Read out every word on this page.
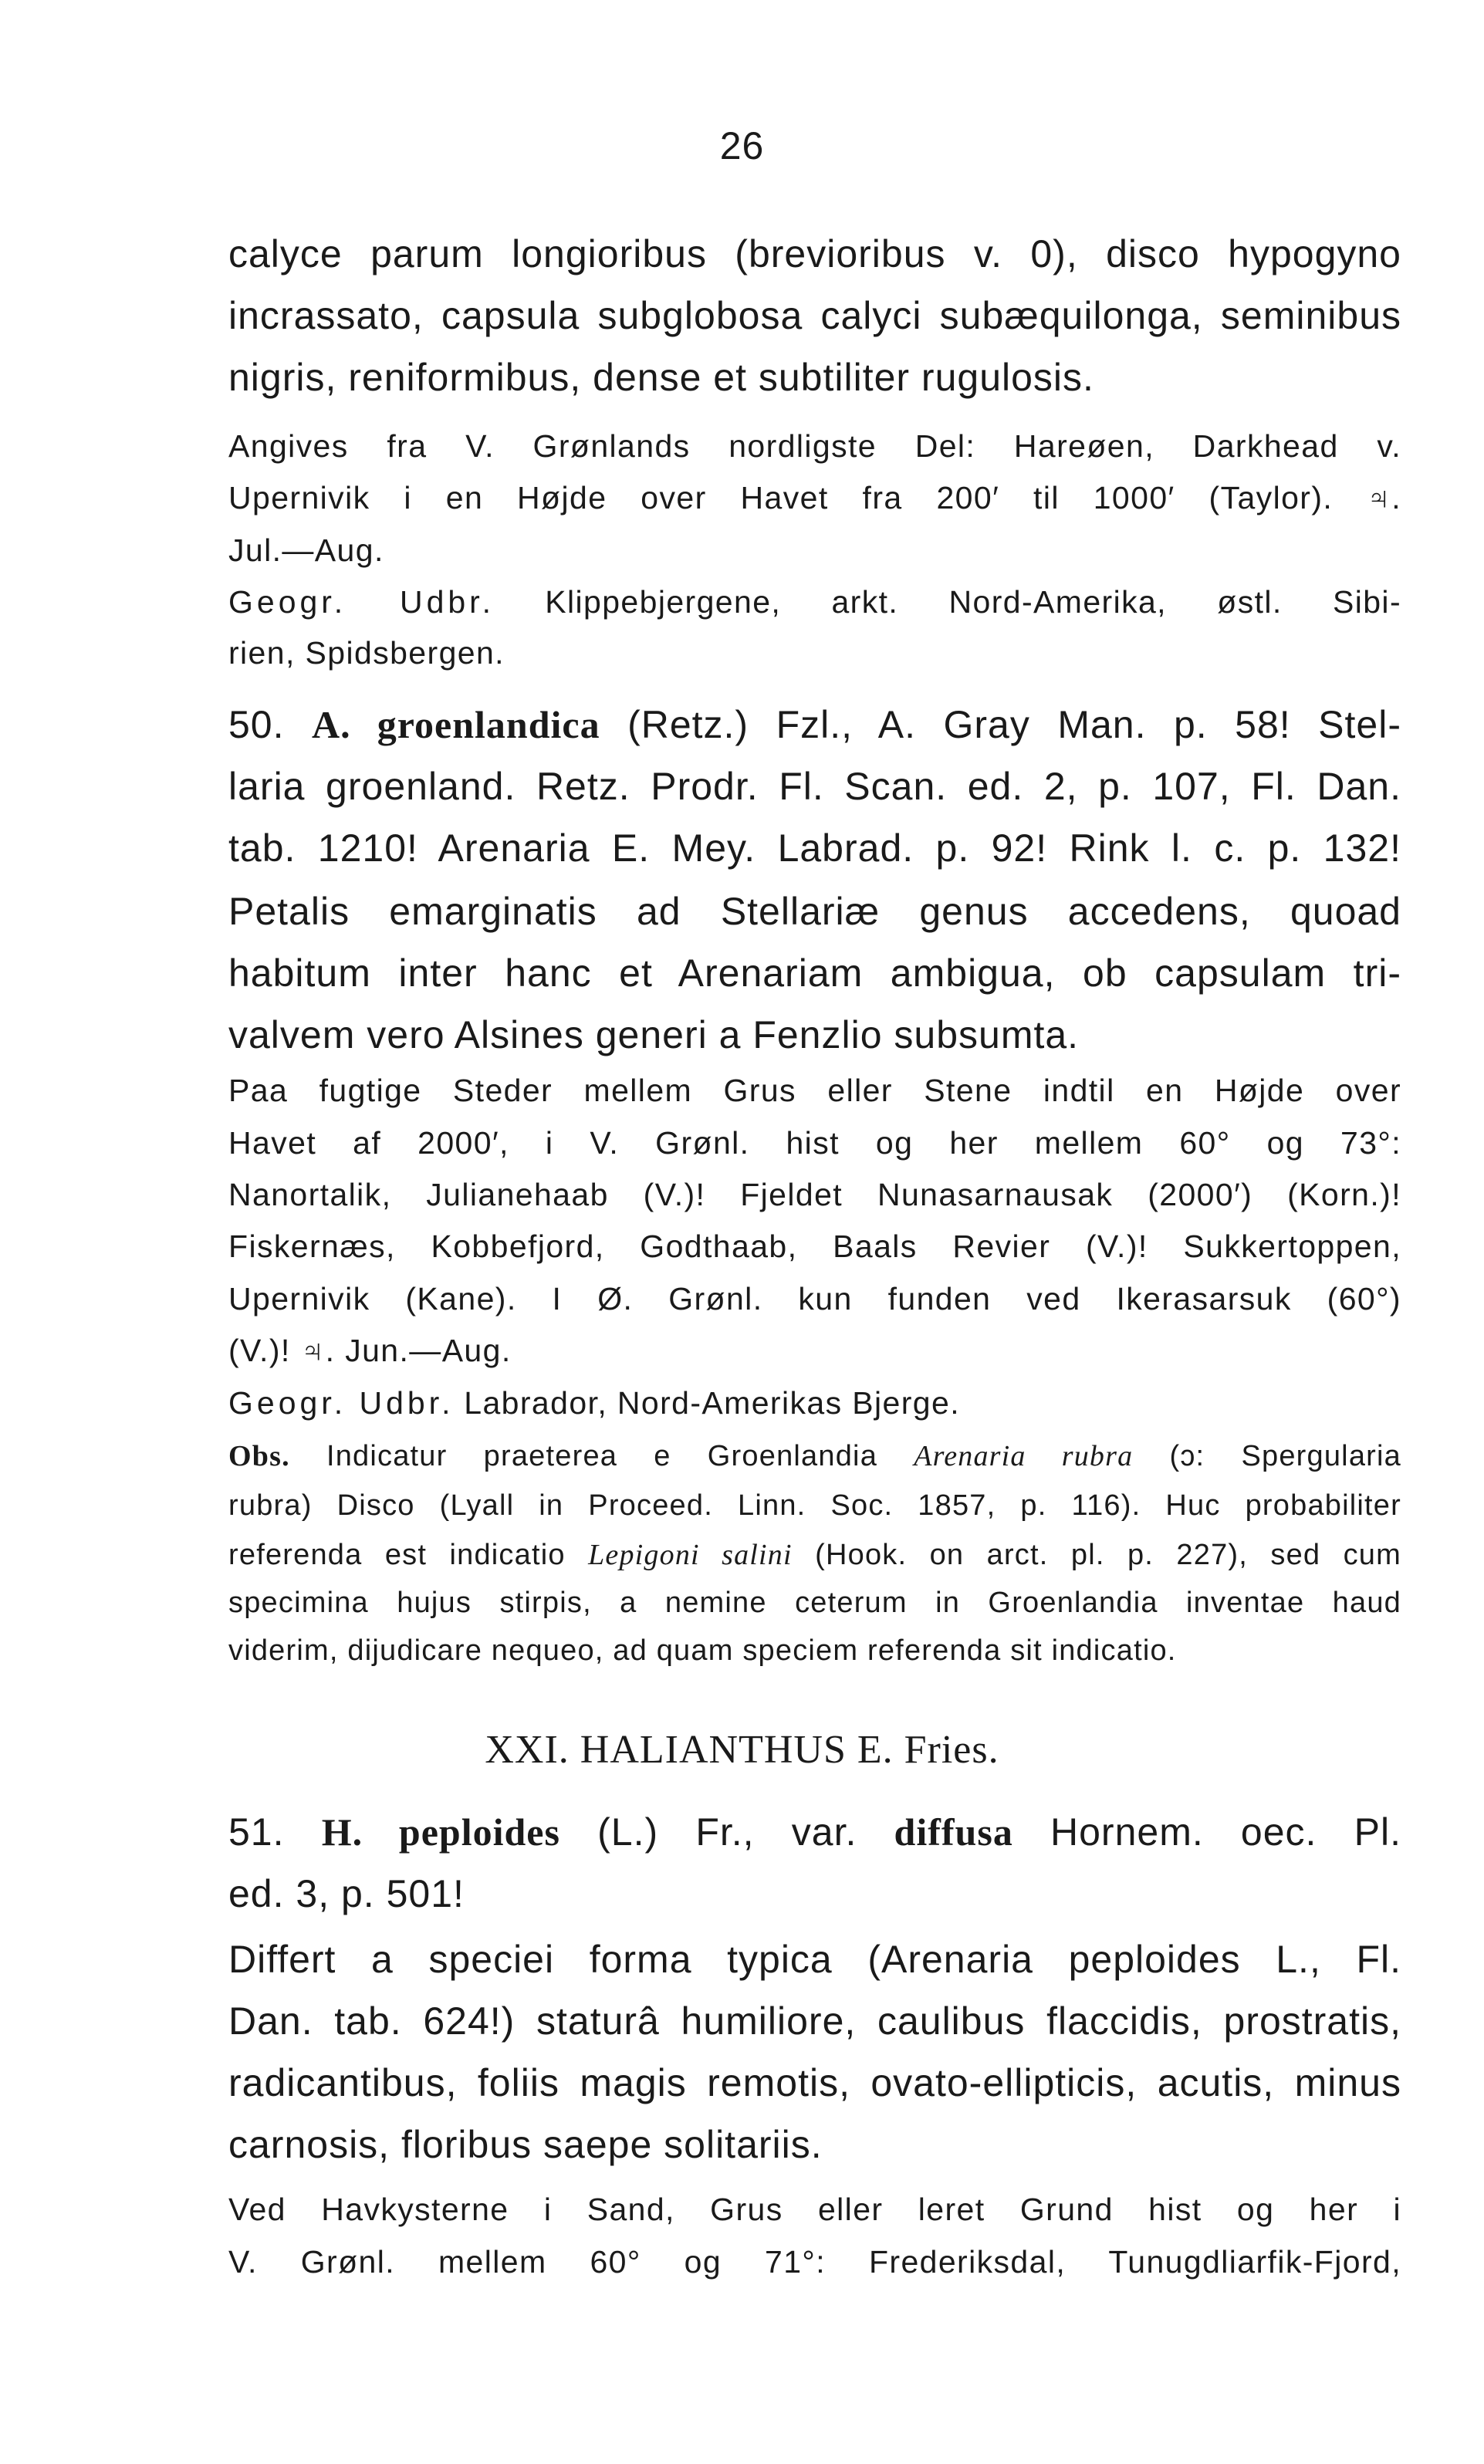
26
calyce parum longioribus (brevioribus v. 0), disco hypogyno
incrassato, capsula subglobosa calyci subæquilonga, seminibus
nigris, reniformibus, dense et subtiliter rugulosis.
Angives fra V. Grønlands nordligste Del: Hareøen, Darkhead v.
Upernivik i en Højde over Havet fra 200′ til 1000′ (Taylor). ♃.
Jul.—Aug.
Geogr. Udbr. Klippebjergene, arkt. Nord-Amerika, østl. Sibi-
rien, Spidsbergen.
50. A. groenlandica (Retz.) Fzl., A. Gray Man. p. 58! Stel-
laria groenland. Retz. Prodr. Fl. Scan. ed. 2, p. 107, Fl. Dan.
tab. 1210! Arenaria E. Mey. Labrad. p. 92! Rink l. c. p. 132!
Petalis emarginatis ad Stellariæ genus accedens, quoad
habitum inter hanc et Arenariam ambigua, ob capsulam tri-
valvem vero Alsines generi a Fenzlio subsumta.
Paa fugtige Steder mellem Grus eller Stene indtil en Højde over
Havet af 2000′, i V. Grønl. hist og her mellem 60° og 73°:
Nanortalik, Julianehaab (V.)! Fjeldet Nunasarnausak (2000′) (Korn.)!
Fiskernæs, Kobbefjord, Godthaab, Baals Revier (V.)! Sukkertoppen,
Upernivik (Kane). I Ø. Grønl. kun funden ved Ikerasarsuk (60°)
(V.)! ♃. Jun.—Aug.
Geogr. Udbr. Labrador, Nord-Amerikas Bjerge.
Obs. Indicatur praeterea e Groenlandia Arenaria rubra (ɔ: Spergularia
rubra) Disco (Lyall in Proceed. Linn. Soc. 1857, p. 116). Huc probabiliter
referenda est indicatio Lepigoni salini (Hook. on arct. pl. p. 227), sed cum
specimina hujus stirpis, a nemine ceterum in Groenlandia inventae haud
viderim, dijudicare nequeo, ad quam speciem referenda sit indicatio.
XXI. HALIANTHUS E. Fries.
51. H. peploides (L.) Fr., var. diffusa Hornem. oec. Pl.
ed. 3, p. 501!
Differt a speciei forma typica (Arenaria peploides L., Fl.
Dan. tab. 624!) staturâ humiliore, caulibus flaccidis, prostratis,
radicantibus, foliis magis remotis, ovato-ellipticis, acutis, minus
carnosis, floribus saepe solitariis.
Ved Havkysterne i Sand, Grus eller leret Grund hist og her i
V. Grønl. mellem 60° og 71°: Frederiksdal, Tunugdliarfik-Fjord,
